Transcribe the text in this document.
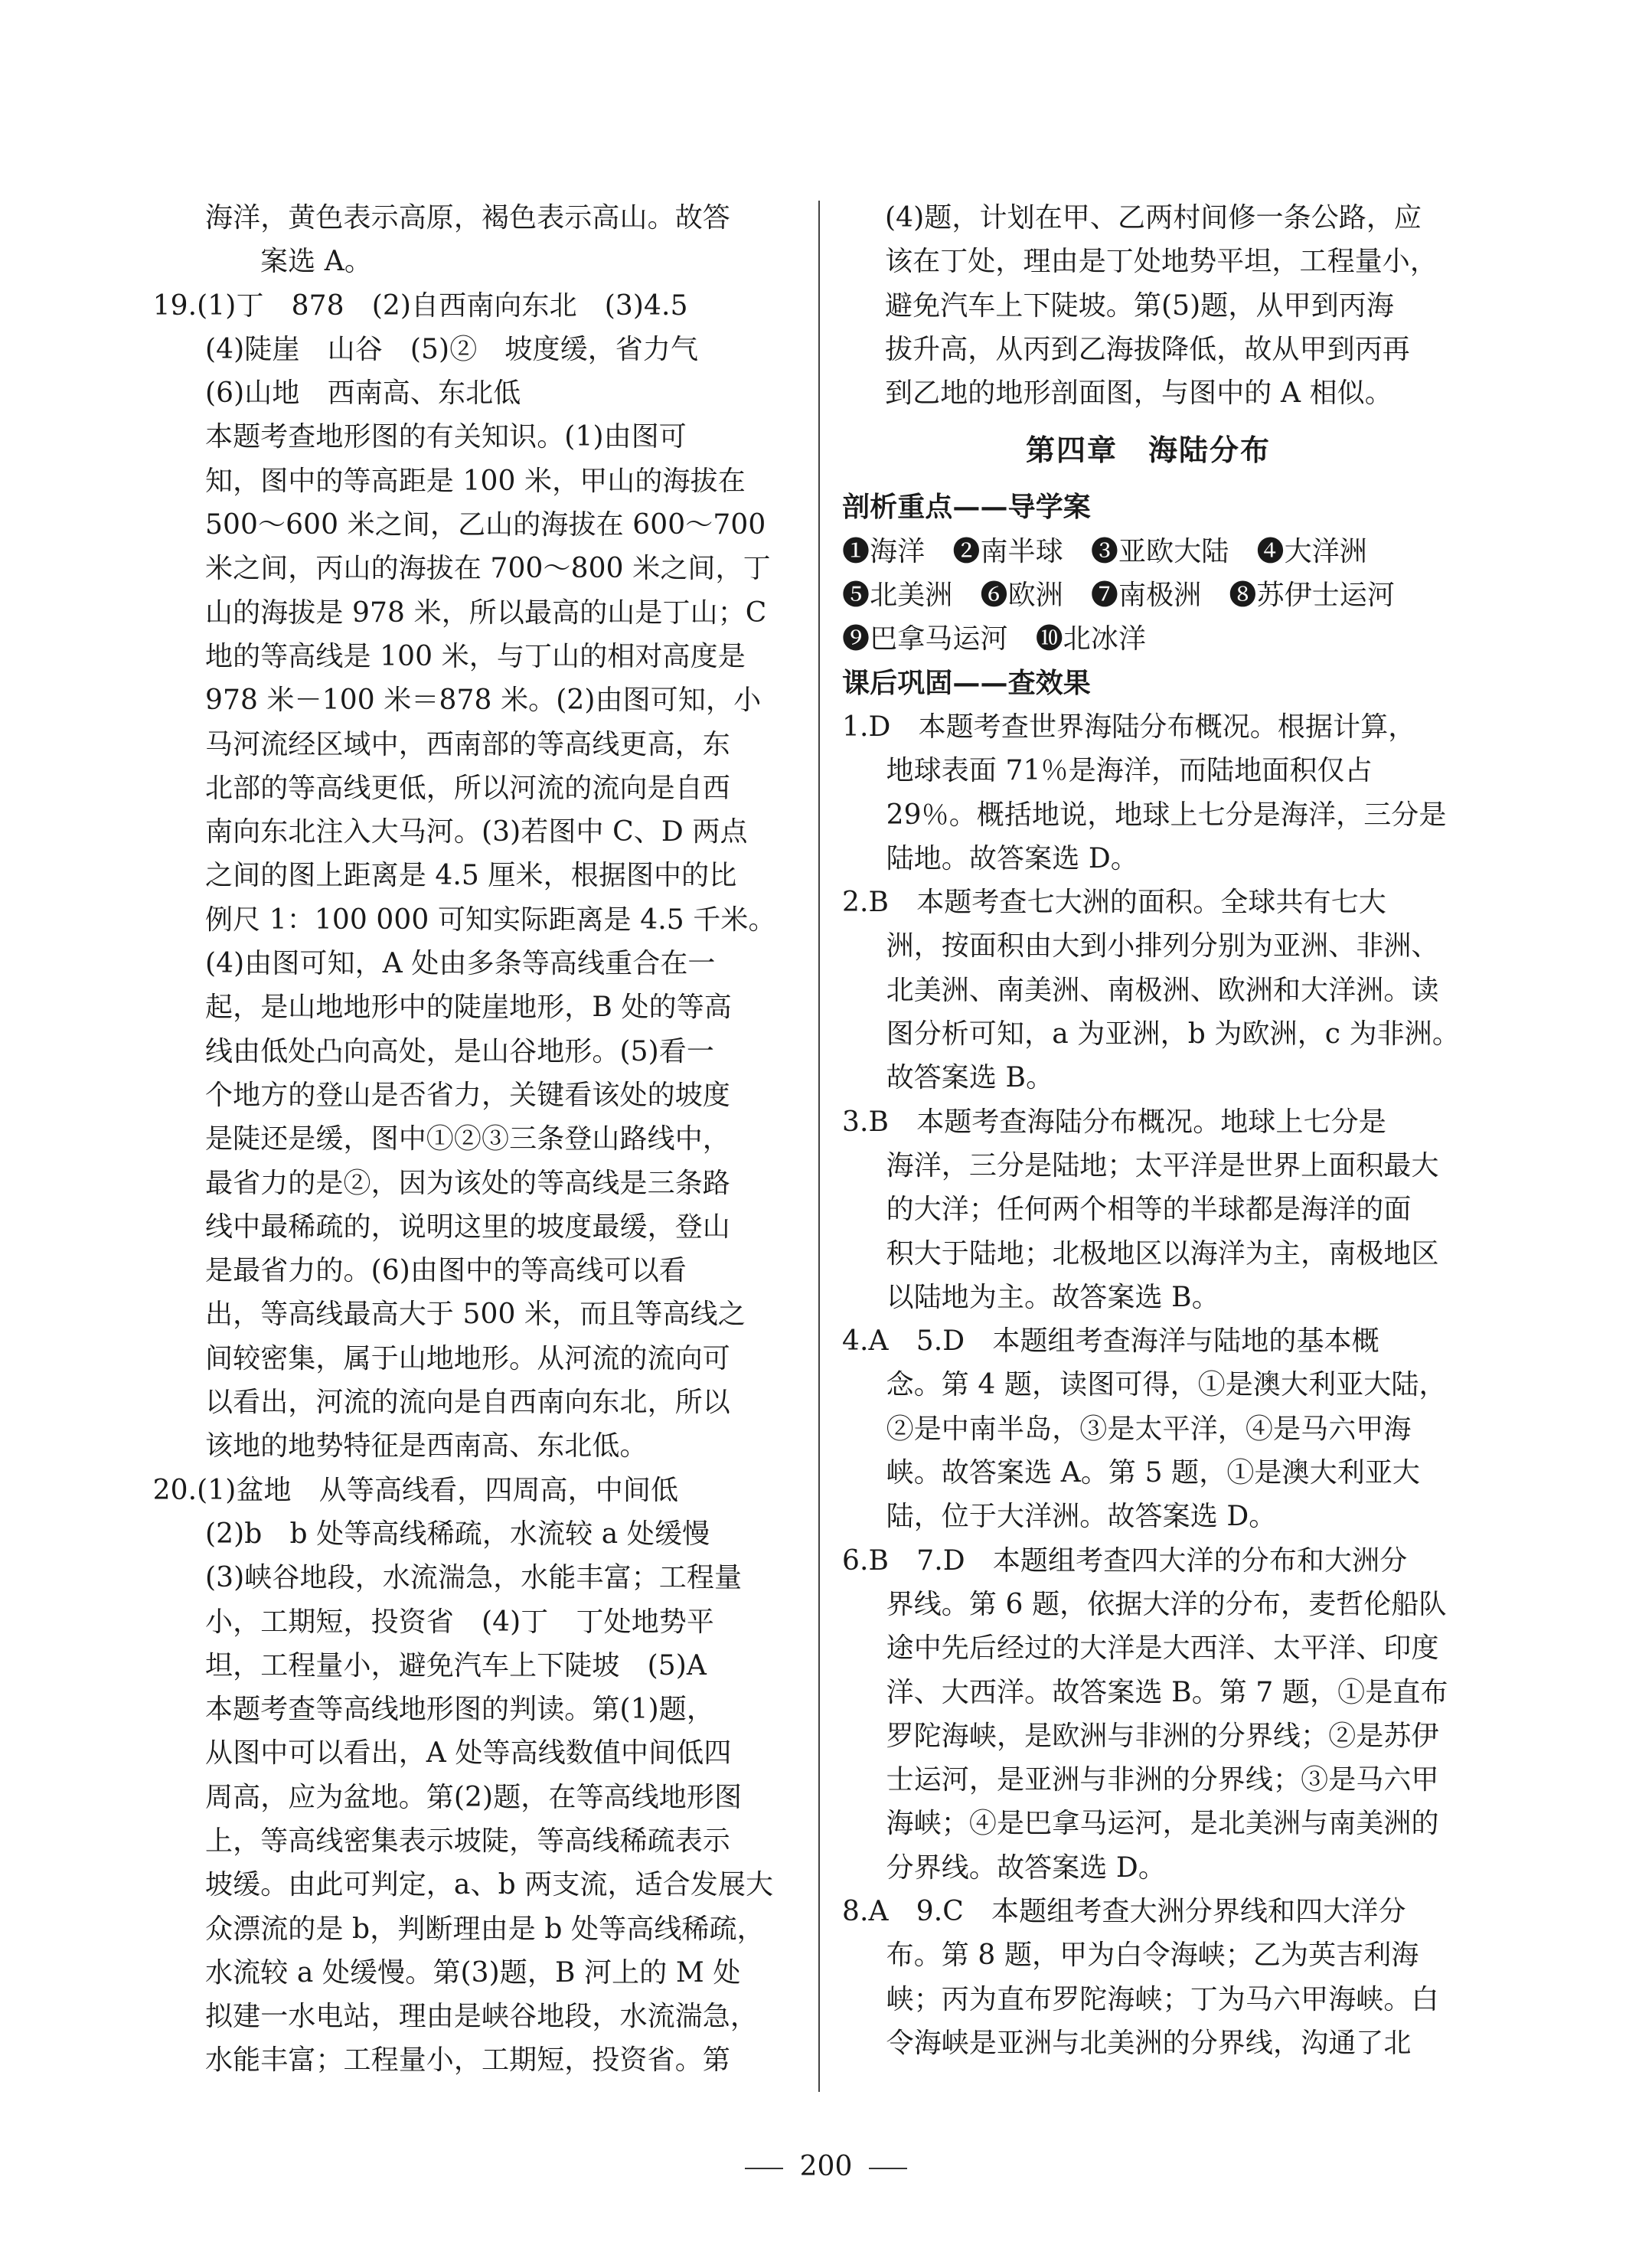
海洋，黄色表示高原，褐色表示高山。故答
案选 A。
19.(1)丁　878　(2)自西南向东北　(3)4.5
(4)陡崖　山谷　(5)②　坡度缓，省力气
(6)山地　西南高、东北低
本题考查地形图的有关知识。(1)由图可
知，图中的等高距是 100 米，甲山的海拔在
500～600 米之间，乙山的海拔在 600～700
米之间，丙山的海拔在 700～800 米之间，丁
山的海拔是 978 米，所以最高的山是丁山；C
地的等高线是 100 米，与丁山的相对高度是
978 米－100 米＝878 米。(2)由图可知，小
马河流经区域中，西南部的等高线更高，东
北部的等高线更低，所以河流的流向是自西
南向东北注入大马河。(3)若图中 C、D 两点
之间的图上距离是 4.5 厘米，根据图中的比
例尺 1：100 000 可知实际距离是 4.5 千米。
(4)由图可知，A 处由多条等高线重合在一
起，是山地地形中的陡崖地形，B 处的等高
线由低处凸向高处，是山谷地形。(5)看一
个地方的登山是否省力，关键看该处的坡度
是陡还是缓，图中①②③三条登山路线中，
最省力的是②，因为该处的等高线是三条路
线中最稀疏的，说明这里的坡度最缓，登山
是最省力的。(6)由图中的等高线可以看
出，等高线最高大于 500 米，而且等高线之
间较密集，属于山地地形。从河流的流向可
以看出，河流的流向是自西南向东北，所以
该地的地势特征是西南高、东北低。
20.(1)盆地　从等高线看，四周高，中间低
(2)b　b 处等高线稀疏，水流较 a 处缓慢
(3)峡谷地段，水流湍急，水能丰富；工程量
小，工期短，投资省　(4)丁　丁处地势平
坦，工程量小，避免汽车上下陡坡　(5)A
本题考查等高线地形图的判读。第(1)题，
从图中可以看出，A 处等高线数值中间低四
周高，应为盆地。第(2)题，在等高线地形图
上，等高线密集表示坡陡，等高线稀疏表示
坡缓。由此可判定，a、b 两支流，适合发展大
众漂流的是 b，判断理由是 b 处等高线稀疏，
水流较 a 处缓慢。第(3)题，B 河上的 M 处
拟建一水电站，理由是峡谷地段，水流湍急，
水能丰富；工程量小，工期短，投资省。第
(4)题，计划在甲、乙两村间修一条公路，应
该在丁处，理由是丁处地势平坦，工程量小，
避免汽车上下陡坡。第(5)题，从甲到丙海
拔升高，从丙到乙海拔降低，故从甲到丙再
到乙地的地形剖面图，与图中的 A 相似。
第四章　海陆分布
剖析重点——导学案
❶海洋　❷南半球　❸亚欧大陆　❹大洋洲
❺北美洲　❻欧洲　❼南极洲　❽苏伊士运河
❾巴拿马运河　❿北冰洋
课后巩固——查效果
1.D　本题考查世界海陆分布概况。根据计算，
地球表面 71％是海洋，而陆地面积仅占
29％。概括地说，地球上七分是海洋，三分是
陆地。故答案选 D。
2.B　本题考查七大洲的面积。全球共有七大
洲，按面积由大到小排列分别为亚洲、非洲、
北美洲、南美洲、南极洲、欧洲和大洋洲。读
图分析可知，a 为亚洲，b 为欧洲，c 为非洲。
故答案选 B。
3.B　本题考查海陆分布概况。地球上七分是
海洋，三分是陆地；太平洋是世界上面积最大
的大洋；任何两个相等的半球都是海洋的面
积大于陆地；北极地区以海洋为主，南极地区
以陆地为主。故答案选 B。
4.A　5.D　本题组考查海洋与陆地的基本概
念。第 4 题，读图可得，①是澳大利亚大陆，
②是中南半岛，③是太平洋，④是马六甲海
峡。故答案选 A。第 5 题，①是澳大利亚大
陆，位于大洋洲。故答案选 D。
6.B　7.D　本题组考查四大洋的分布和大洲分
界线。第 6 题，依据大洋的分布，麦哲伦船队
途中先后经过的大洋是大西洋、太平洋、印度
洋、大西洋。故答案选 B。第 7 题，①是直布
罗陀海峡，是欧洲与非洲的分界线；②是苏伊
士运河，是亚洲与非洲的分界线；③是马六甲
海峡；④是巴拿马运河，是北美洲与南美洲的
分界线。故答案选 D。
8.A　9.C　本题组考查大洲分界线和四大洋分
布。第 8 题，甲为白令海峡；乙为英吉利海
峡；丙为直布罗陀海峡；丁为马六甲海峡。白
令海峡是亚洲与北美洲的分界线，沟通了北
200
